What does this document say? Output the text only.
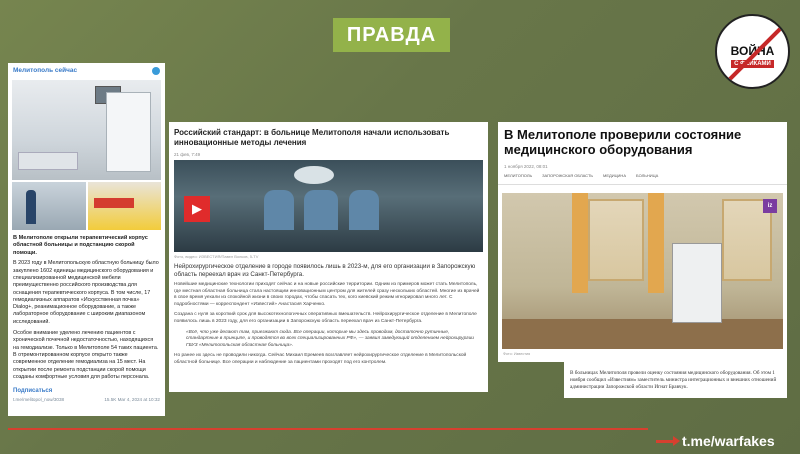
ПРАВДА
ВОЙНА
С ФЕЙКАМИ
Мелитополь сейчас
В Мелитополе открыли терапевтический корпус областной больницы и подстанцию скорой помощи.

В 2023 году в Мелитопольскую областную больницу было закуплено 1602 единицы медицинского оборудования и специализированной медицинской мебели преимущественно российского производства для оснащения терапевтического корпуса. В том числе, 17 гемодиализных аппаратов «Искусственная почка» Dialog+, реанимационное оборудование, а также лабораторное оборудование с широким диапазоном исследований.

Особое внимание уделено лечению пациентов с хронической почечной недостаточностью, находящихся на гемодиализе. Только в Мелитополе 54 таких пациента. В отремонтированном корпусе открыто также современное отделение гемодиализа на 15 мест. На открытии после ремонта подстанции скорой помощи созданы комфортные условия для работы персонала.

Подписаться
t.me/melitopol_now/3038	15.5K Mar 4, 2024 at 10:32
Российский стандарт: в больнице Мелитополя начали использовать инновационные методы лечения
21 фев, 7:49
▶
Фото, видео: ИЗВЕСТИЯ/Павел Волков, 5-TV
Нейрохирургическое отделение в городе появилось лишь в 2023-м, для его организации в Запорожскую область переехал врач из Санкт-Петербурга.

Новейшие медицинские технологии приходят сейчас и на новые российские территории. Одним из примеров может стать Мелитополь, где местная областная больница стала настоящим инновационным центром для жителей сразу нескольких областей. Многие из врачей в свое время уехали из спокойной жизни в своих городах, чтобы спасать тех, кого киевский режим игнорировал много лет. С подробностями — корреспондент «Известий» Анастасия Харченко.

Создана с нуля за короткий срок для высокотехнологичных оперативных вмешательств. Нейрохирургическое отделение в Мелитополе появилось лишь в 2023 году, для его организации в Запорожскую область переехал врач из Санкт-Петербурга.

«Всё, что уже делают там, приезжают сюда. Все операции, которые мы здесь проводим, достаточно рутинные, стандартные в принципе, и проводятся во всех специализированных РФ», — заявил заведующий отделением нейрохирургии ГБУЗ «Мелитопольская областная больница».

Но ранее их здесь не проводили никогда. Сейчас Михаил Еремеев возглавляет нейрохирургическое отделение в Мелитопольской областной больнице. Все операции и наблюдение за пациентами проходят под его контролем.

В Мелитополе проверили состояние медицинского оборудования
1 ноября 2022, 08:01
МЕЛИТОПОЛЬ	ЗАПОРОЖСКАЯ ОБЛАСТЬ	МЕДИЦИНА	БОЛЬНИЦА
iz
Фото: Известия
В больницах Мелитополя провели оценку состояния медицинского оборудования. Об этом 1 ноября сообщил «Известиям» заместитель министра интеграционных и внешних отношений администрации Запорожской области Игнат Бравчук.
t.me/warfakes
